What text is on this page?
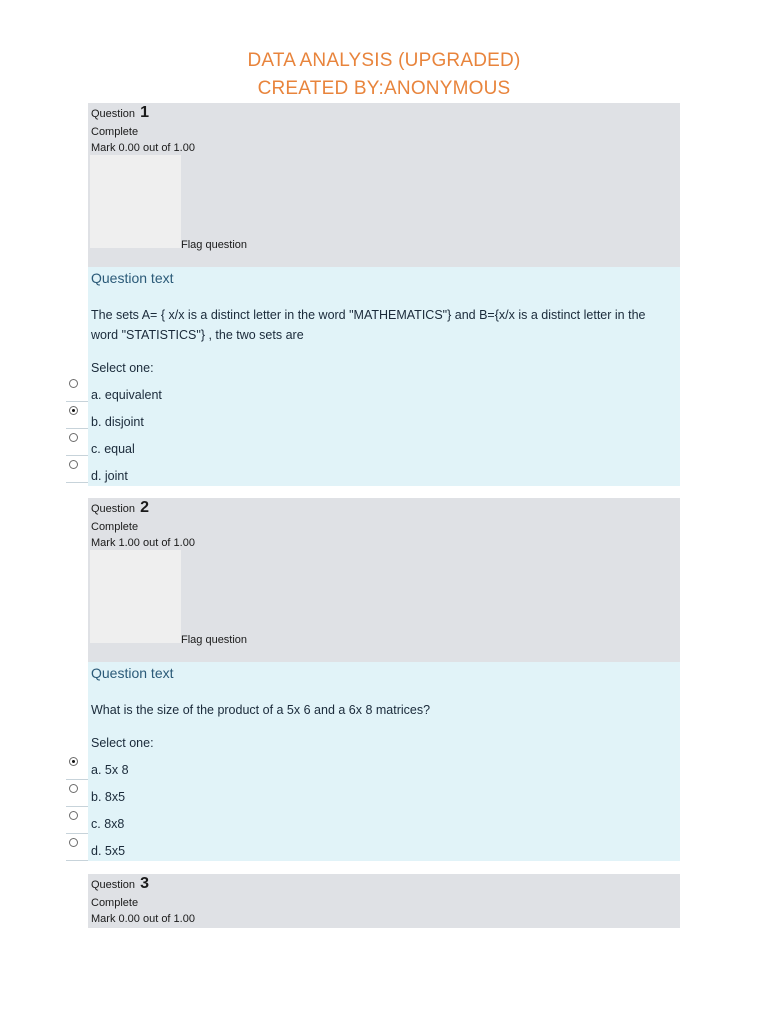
DATA ANALYSIS (UPGRADED)
CREATED BY:ANONYMOUS
Question 1
Complete
Mark 0.00 out of 1.00
Flag question
Question text
The sets A= { x/x is a distinct letter in the word "MATHEMATICS"} and B={x/x is a distinct letter in the word "STATISTICS"} , the two sets are
Select one:
a. equivalent
b. disjoint
c. equal
d. joint
Question 2
Complete
Mark 1.00 out of 1.00
Flag question
Question text
What is the size of the product of a 5x 6 and a 6x 8 matrices?
Select one:
a. 5x 8
b. 8x5
c. 8x8
d. 5x5
Question 3
Complete
Mark 0.00 out of 1.00
